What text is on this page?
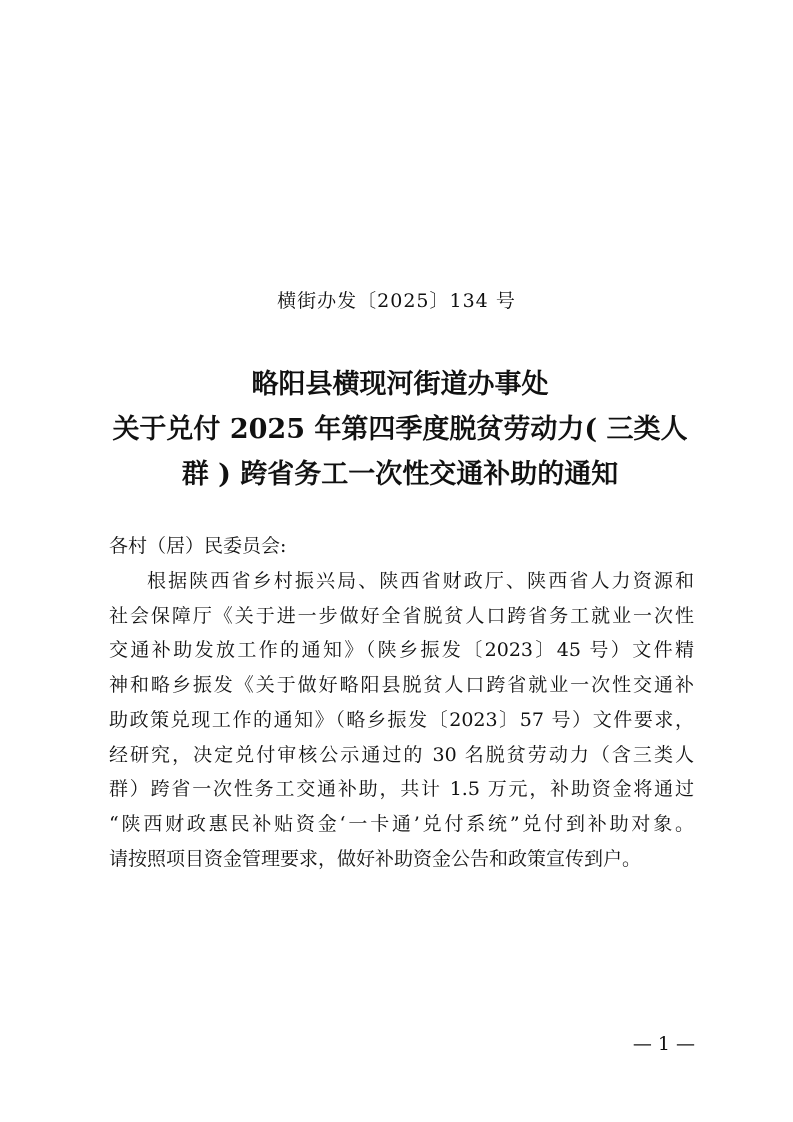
横街办发〔2025〕134 号
略阳县横现河街道办事处
关于兑付 2025 年第四季度脱贫劳动力( 三类人
群 ) 跨省务工一次性交通补助的通知
各村（居）民委员会:
根据陕西省乡村振兴局、陕西省财政厅、陕西省人力资源和
社会保障厅《关于进一步做好全省脱贫人口跨省务工就业一次性
交通补助发放工作的通知》（陕乡振发〔2023〕45 号）文件精
神和略乡振发《关于做好略阳县脱贫人口跨省就业一次性交通补
助政策兑现工作的通知》（略乡振发〔2023〕57 号）文件要求，
经研究，决定兑付审核公示通过的 30 名脱贫劳动力（含三类人
群）跨省一次性务工交通补助，共计 1.5 万元，补助资金将通过
“陕西财政惠民补贴资金‘一卡通’兑付系统”兑付到补助对象。
请按照项目资金管理要求，做好补助资金公告和政策宣传到户。
— 1 —
